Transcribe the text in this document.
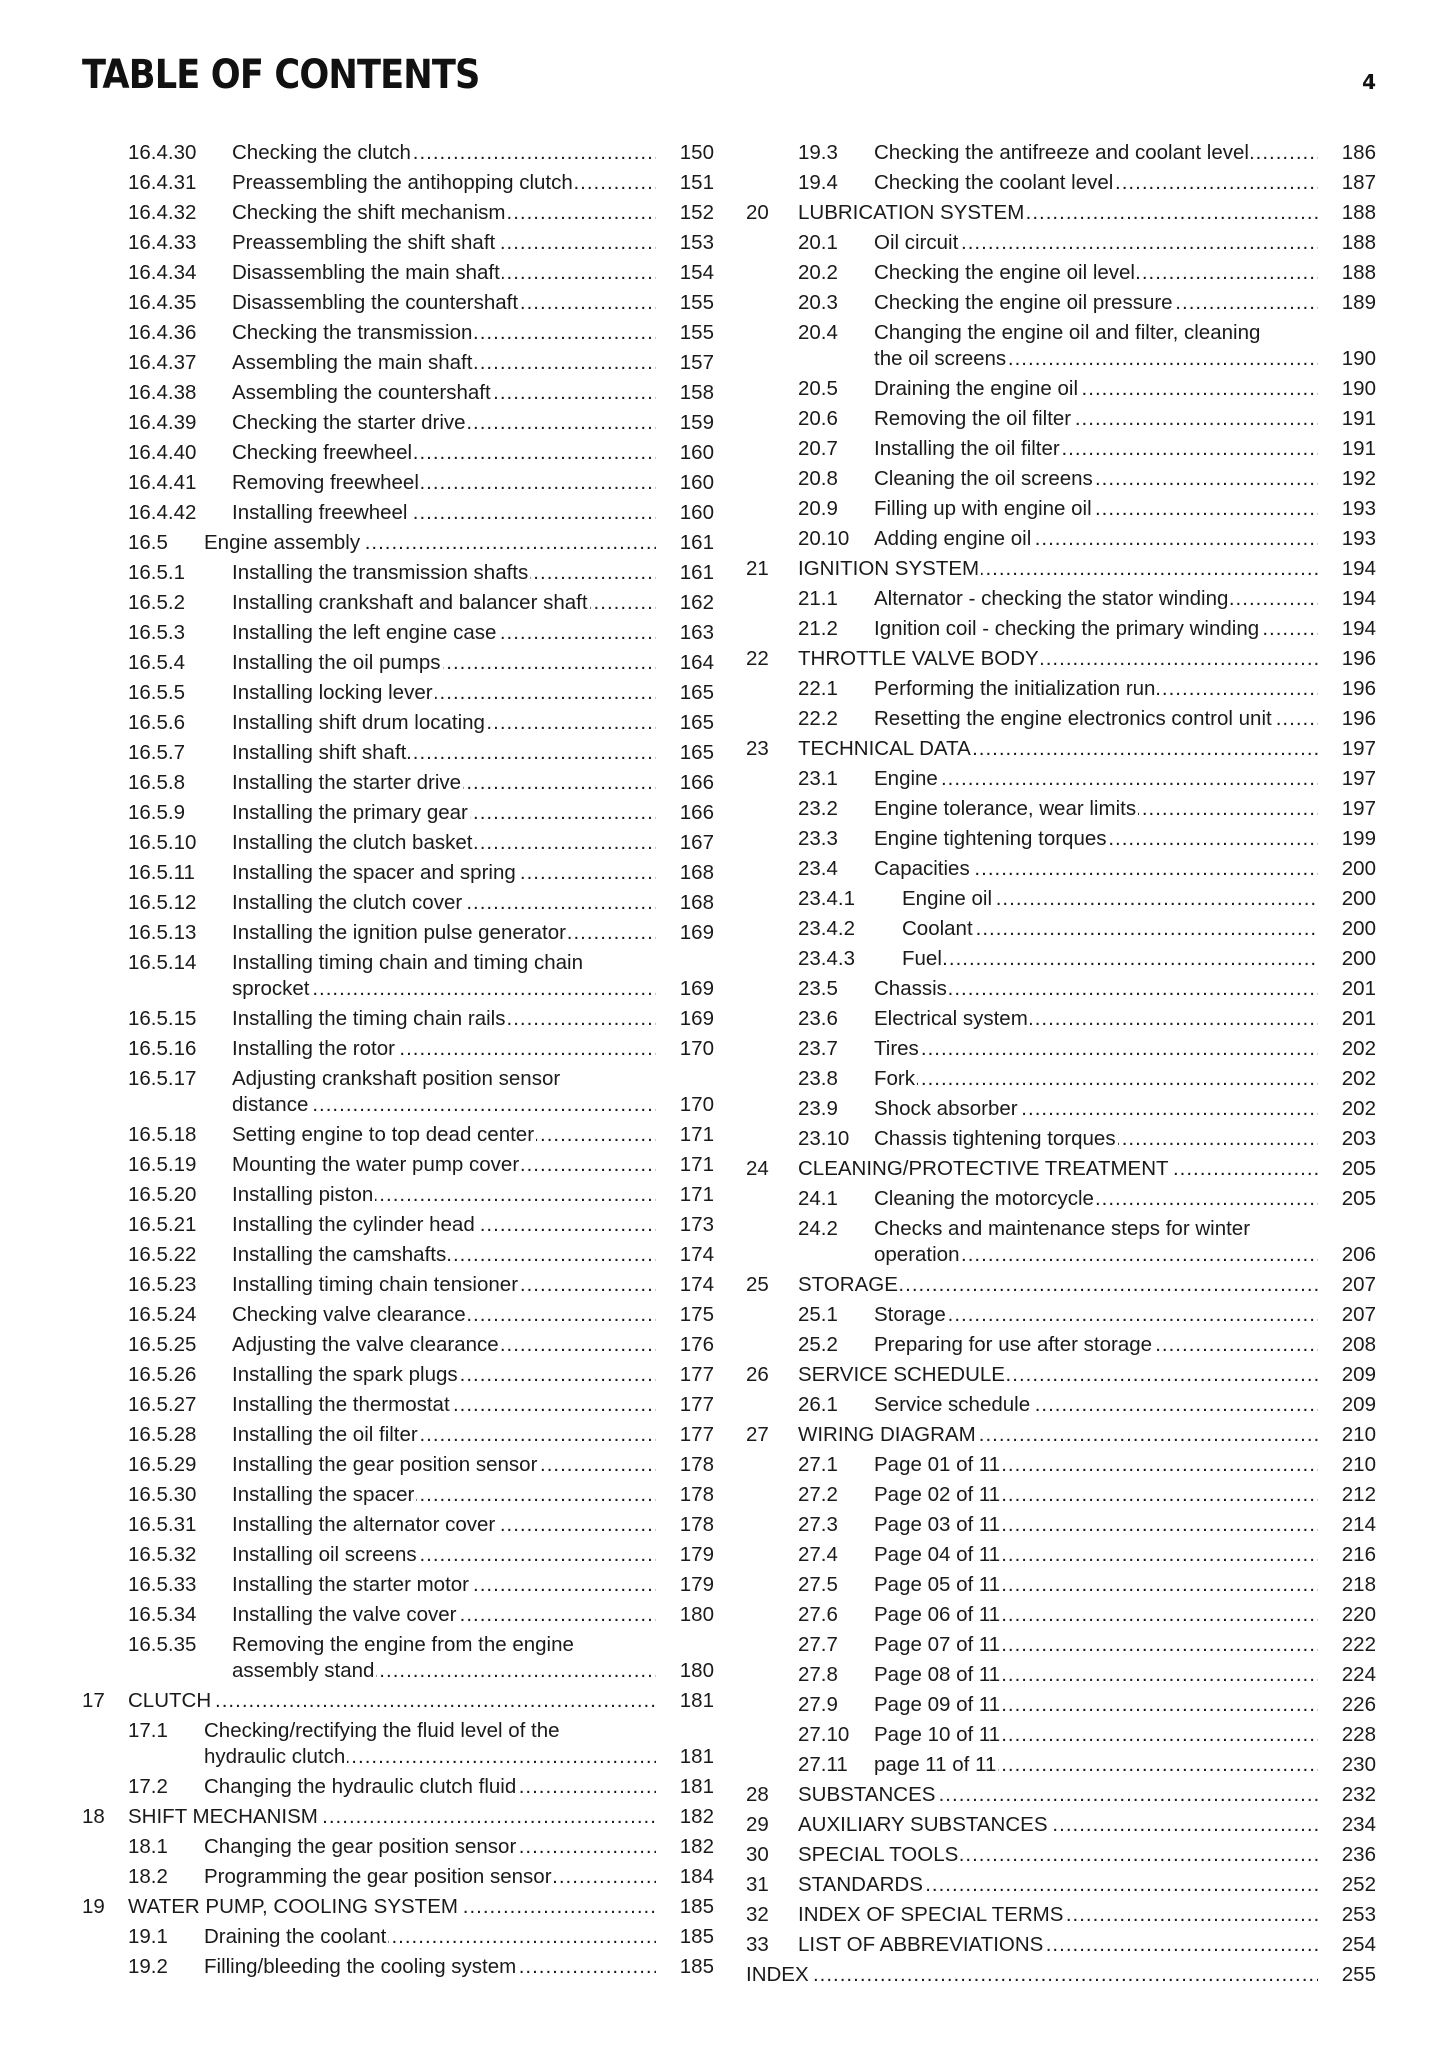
TABLE OF CONTENTS	4
16.4.30 Checking the clutch .....	150
16.4.31 Preassembling the antihopping clutch .....	151
16.4.32 Checking the shift mechanism .....	152
16.4.33 Preassembling the shift shaft .....	153
16.4.34 Disassembling the main shaft .....	154
16.4.35 Disassembling the countershaft .....	155
16.4.36 Checking the transmission .....	155
16.4.37 Assembling the main shaft .....	157
16.4.38 Assembling the countershaft .....	158
16.4.39 Checking the starter drive .....	159
16.4.40 Checking freewheel .....	160
16.4.41 Removing freewheel .....	160
16.4.42 Installing freewheel .....	160
16.5 Engine assembly .....	161
16.5.1 Installing the transmission shafts .....	161
16.5.2 Installing crankshaft and balancer shaft .....	162
16.5.3 Installing the left engine case .....	163
16.5.4 Installing the oil pumps .....	164
16.5.5 Installing locking lever .....	165
16.5.6 Installing shift drum locating .....	165
16.5.7 Installing shift shaft .....	165
16.5.8 Installing the starter drive .....	166
16.5.9 Installing the primary gear .....	166
16.5.10 Installing the clutch basket .....	167
16.5.11 Installing the spacer and spring .....	168
16.5.12 Installing the clutch cover .....	168
16.5.13 Installing the ignition pulse generator .....	169
16.5.14 Installing timing chain and timing chain
sprocket .....	169
16.5.15 Installing the timing chain rails .....	169
16.5.16 Installing the rotor .....	170
16.5.17 Adjusting crankshaft position sensor
distance .....	170
16.5.18 Setting engine to top dead center .....	171
16.5.19 Mounting the water pump cover .....	171
16.5.20 Installing piston .....	171
16.5.21 Installing the cylinder head .....	173
16.5.22 Installing the camshafts .....	174
16.5.23 Installing timing chain tensioner .....	174
16.5.24 Checking valve clearance .....	175
16.5.25 Adjusting the valve clearance .....	176
16.5.26 Installing the spark plugs .....	177
16.5.27 Installing the thermostat .....	177
16.5.28 Installing the oil filter .....	177
16.5.29 Installing the gear position sensor .....	178
16.5.30 Installing the spacer .....	178
16.5.31 Installing the alternator cover .....	178
16.5.32 Installing oil screens .....	179
16.5.33 Installing the starter motor .....	179
16.5.34 Installing the valve cover .....	180
16.5.35 Removing the engine from the engine
assembly stand .....	180
17 CLUTCH .....	181
17.1 Checking/rectifying the fluid level of the
hydraulic clutch .....	181
17.2 Changing the hydraulic clutch fluid .....	181
18 SHIFT MECHANISM .....	182
18.1 Changing the gear position sensor .....	182
18.2 Programming the gear position sensor .....	184
19 WATER PUMP, COOLING SYSTEM .....	185
19.1 Draining the coolant .....	185
19.2 Filling/bleeding the cooling system .....	185
19.3 Checking the antifreeze and coolant level .....	186
19.4 Checking the coolant level .....	187
20 LUBRICATION SYSTEM .....	188
20.1 Oil circuit .....	188
20.2 Checking the engine oil level .....	188
20.3 Checking the engine oil pressure .....	189
20.4 Changing the engine oil and filter, cleaning
the oil screens .....	190
20.5 Draining the engine oil .....	190
20.6 Removing the oil filter .....	191
20.7 Installing the oil filter .....	191
20.8 Cleaning the oil screens .....	192
20.9 Filling up with engine oil .....	193
20.10 Adding engine oil .....	193
21 IGNITION SYSTEM .....	194
21.1 Alternator - checking the stator winding .....	194
21.2 Ignition coil - checking the primary winding .....	194
22 THROTTLE VALVE BODY .....	196
22.1 Performing the initialization run .....	196
22.2 Resetting the engine electronics control unit .....	196
23 TECHNICAL DATA .....	197
23.1 Engine .....	197
23.2 Engine tolerance, wear limits .....	197
23.3 Engine tightening torques .....	199
23.4 Capacities .....	200
23.4.1 Engine oil .....	200
23.4.2 Coolant .....	200
23.4.3 Fuel .....	200
23.5 Chassis .....	201
23.6 Electrical system .....	201
23.7 Tires .....	202
23.8 Fork .....	202
23.9 Shock absorber .....	202
23.10 Chassis tightening torques .....	203
24 CLEANING/PROTECTIVE TREATMENT .....	205
24.1 Cleaning the motorcycle .....	205
24.2 Checks and maintenance steps for winter
operation .....	206
25 STORAGE .....	207
25.1 Storage .....	207
25.2 Preparing for use after storage .....	208
26 SERVICE SCHEDULE .....	209
26.1 Service schedule .....	209
27 WIRING DIAGRAM .....	210
27.1 Page 01 of 11 .....	210
27.2 Page 02 of 11 .....	212
27.3 Page 03 of 11 .....	214
27.4 Page 04 of 11 .....	216
27.5 Page 05 of 11 .....	218
27.6 Page 06 of 11 .....	220
27.7 Page 07 of 11 .....	222
27.8 Page 08 of 11 .....	224
27.9 Page 09 of 11 .....	226
27.10 Page 10 of 11 .....	228
27.11 page 11 of 11 .....	230
28 SUBSTANCES .....	232
29 AUXILIARY SUBSTANCES .....	234
30 SPECIAL TOOLS .....	236
31 STANDARDS .....	252
32 INDEX OF SPECIAL TERMS .....	253
33 LIST OF ABBREVIATIONS .....	254
INDEX .....	255
